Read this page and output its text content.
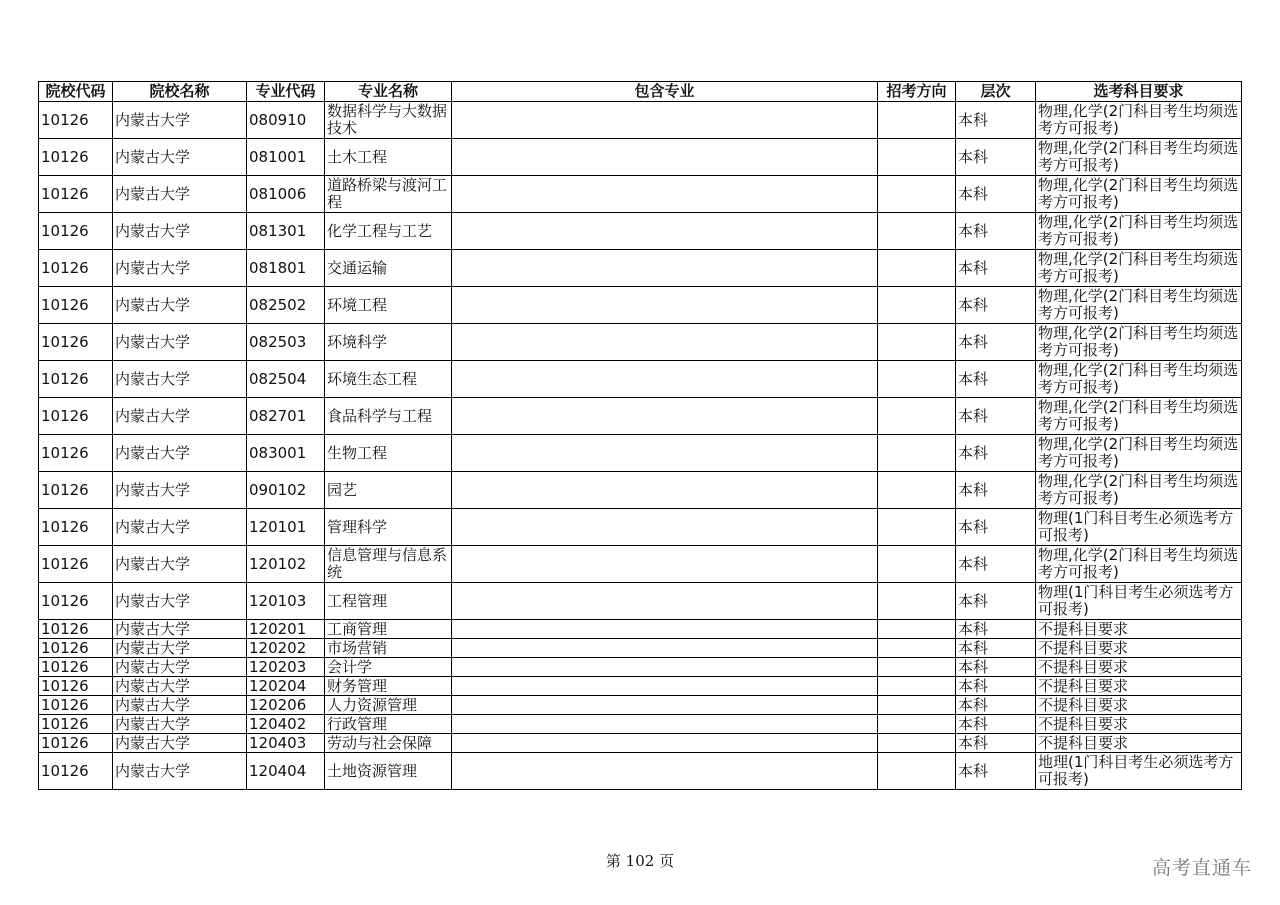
院校代码	院校名称	专业代码	专业名称	包含专业	招考方向	层次	选考科目要求
10126	内蒙古大学	080910	数据科学与大数据技术			本科	物理,化学(2门科目考生均须选考方可报考)
10126	内蒙古大学	081001	土木工程			本科	物理,化学(2门科目考生均须选考方可报考)
10126	内蒙古大学	081006	道路桥梁与渡河工程			本科	物理,化学(2门科目考生均须选考方可报考)
10126	内蒙古大学	081301	化学工程与工艺			本科	物理,化学(2门科目考生均须选考方可报考)
10126	内蒙古大学	081801	交通运输			本科	物理,化学(2门科目考生均须选考方可报考)
10126	内蒙古大学	082502	环境工程			本科	物理,化学(2门科目考生均须选考方可报考)
10126	内蒙古大学	082503	环境科学			本科	物理,化学(2门科目考生均须选考方可报考)
10126	内蒙古大学	082504	环境生态工程			本科	物理,化学(2门科目考生均须选考方可报考)
10126	内蒙古大学	082701	食品科学与工程			本科	物理,化学(2门科目考生均须选考方可报考)
10126	内蒙古大学	083001	生物工程			本科	物理,化学(2门科目考生均须选考方可报考)
10126	内蒙古大学	090102	园艺			本科	物理,化学(2门科目考生均须选考方可报考)
10126	内蒙古大学	120101	管理科学			本科	物理(1门科目考生必须选考方可报考)
10126	内蒙古大学	120102	信息管理与信息系统			本科	物理,化学(2门科目考生均须选考方可报考)
10126	内蒙古大学	120103	工程管理			本科	物理(1门科目考生必须选考方可报考)
10126	内蒙古大学	120201	工商管理			本科	不提科目要求
10126	内蒙古大学	120202	市场营销			本科	不提科目要求
10126	内蒙古大学	120203	会计学			本科	不提科目要求
10126	内蒙古大学	120204	财务管理			本科	不提科目要求
10126	内蒙古大学	120206	人力资源管理			本科	不提科目要求
10126	内蒙古大学	120402	行政管理			本科	不提科目要求
10126	内蒙古大学	120403	劳动与社会保障			本科	不提科目要求
10126	内蒙古大学	120404	土地资源管理			本科	地理(1门科目考生必须选考方可报考)
第 102 页	高考直通车
